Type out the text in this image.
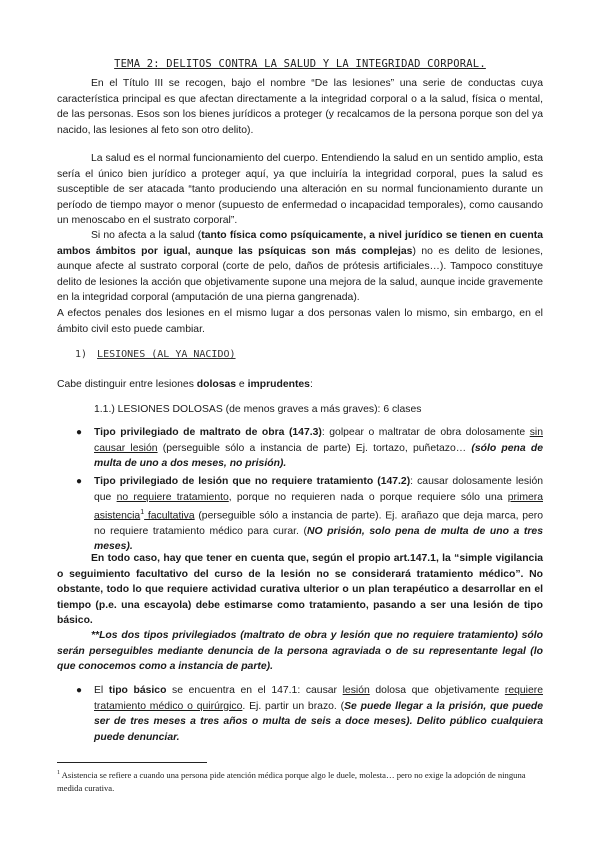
TEMA 2: DELITOS CONTRA LA SALUD Y LA INTEGRIDAD CORPORAL.

En el Título III se recogen, bajo el nombre “De las lesiones” una serie de conductas cuya característica principal es que afectan directamente a la integridad corporal o a la salud, física o mental, de las personas. Esos son los bienes jurídicos a proteger (y recalcamos de la persona porque son del ya nacido, las lesiones al feto son otro delito).

La salud es el normal funcionamiento del cuerpo. Entendiendo la salud en un sentido amplio, esta sería el único bien jurídico a proteger aquí, ya que incluiría la integridad corporal, pues la salud es susceptible de ser atacada “tanto produciendo una alteración en su normal funcionamiento durante un período de tiempo mayor o menor (supuesto de enfermedad o incapacidad temporales), como causando un menoscabo en el sustrato corporal”.

Si no afecta a la salud (tanto física como psíquicamente, a nivel jurídico se tienen en cuenta ambos ámbitos por igual, aunque las psíquicas son más complejas) no es delito de lesiones, aunque afecte al sustrato corporal (corte de pelo, daños de prótesis artificiales…). Tampoco constituye delito de lesiones la acción que objetivamente supone una mejora de la salud, aunque incide gravemente en la integridad corporal (amputación de una pierna gangrenada).

A efectos penales dos lesiones en el mismo lugar a dos personas valen lo mismo, sin embargo, en el ámbito civil esto puede cambiar.

1) LESIONES (AL YA NACIDO)

Cabe distinguir entre lesiones dolosas e imprudentes:

1.1.) LESIONES DOLOSAS (de menos graves a más graves): 6 clases

● Tipo privilegiado de maltrato de obra (147.3): golpear o maltratar de obra dolosamente sin causar lesión (perseguible sólo a instancia de parte) Ej. tortazo, puñetazo… (sólo pena de multa de uno a dos meses, no prisión).

● Tipo privilegiado de lesión que no requiere tratamiento (147.2): causar dolosamente lesión que no requiere tratamiento, porque no requieren nada o porque requiere sólo una primera asistencia$^1$ facultativa (perseguible sólo a instancia de parte). Ej. arañazo que deja marca, pero no requiere tratamiento médico para curar. (NO prisión, solo pena de multa de uno a tres meses).

En todo caso, hay que tener en cuenta que, según el propio art.147.1, la “simple vigilancia o seguimiento facultativo del curso de la lesión no se considerará tratamiento médico”. No obstante, todo lo que requiere actividad curativa ulterior o un plan terapéutico a desarrollar en el tiempo (p.e. una escayola) debe estimarse como tratamiento, pasando a ser una lesión de tipo básico.

**Los dos tipos privilegiados (maltrato de obra y lesión que no requiere tratamiento) sólo serán perseguibles mediante denuncia de la persona agraviada o de su representante legal (lo que conocemos como a instancia de parte).

● El tipo básico se encuentra en el 147.1: causar lesión dolosa que objetivamente requiere tratamiento médico o quirúrgico. Ej. partir un brazo. (Se puede llegar a la prisión, que puede ser de tres meses a tres años o multa de seis a doce meses). Delito público cualquiera puede denunciar.

$^1$ Asistencia se refiere a cuando una persona pide atención médica porque algo le duele, molesta… pero no exige la adopción de ninguna medida curativa.
